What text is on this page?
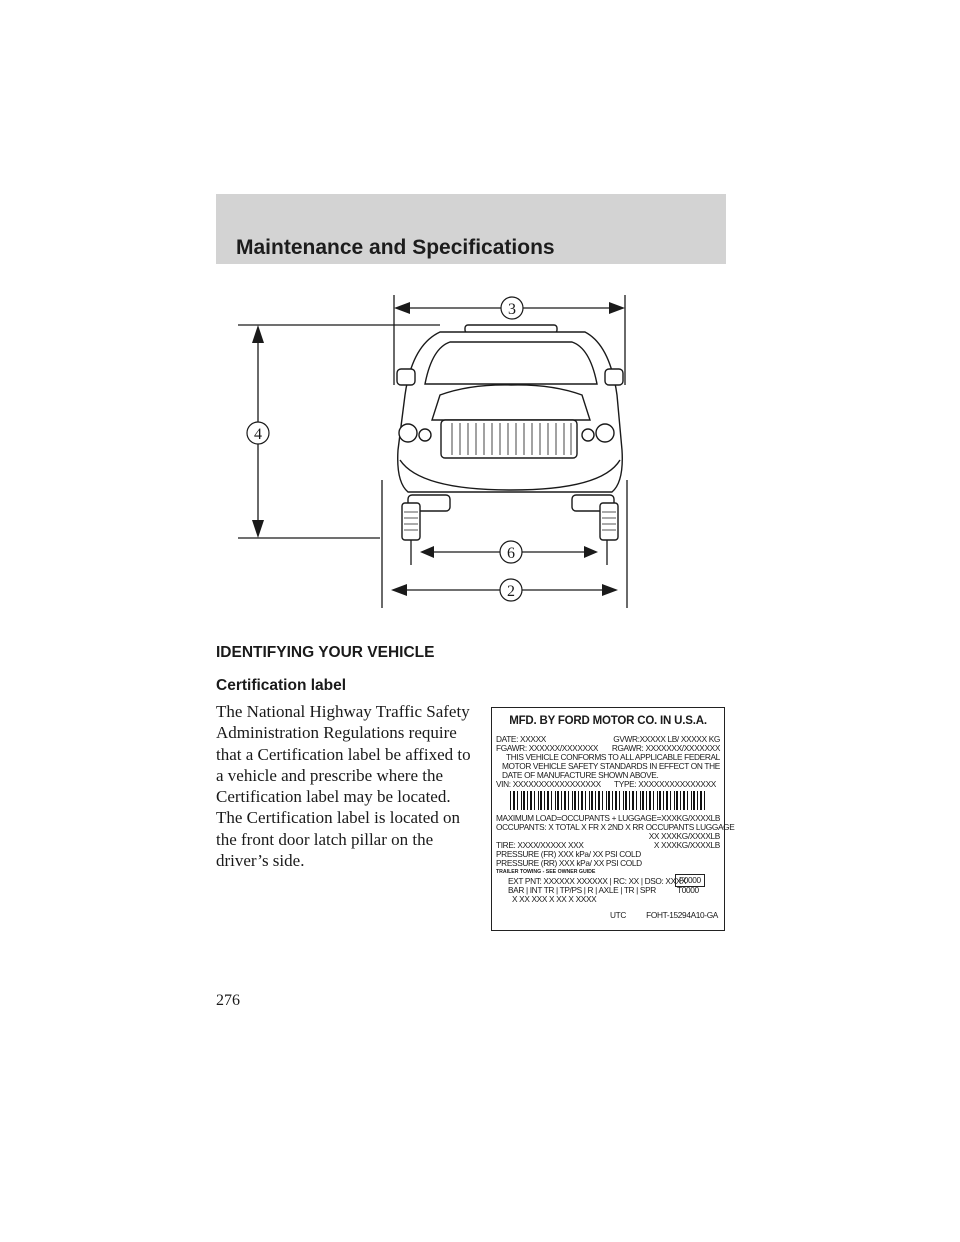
Maintenance and Specifications
3
4
6
2
IDENTIFYING YOUR VEHICLE
Certification label
The National Highway Traffic Safety Administration Regulations require that a Certification label be affixed to a vehicle and prescribe where the Certification label may be located. The Certification label is located on the front door latch pillar on the driver’s side.
MFD. BY FORD MOTOR CO. IN U.S.A.
DATE: XXXXX	GVWR:XXXXX LB/ XXXXX KG
FGAWR: XXXXXX/XXXXXXX RGAWR: XXXXXXX/XXXXXXX
THIS VEHICLE CONFORMS TO ALL APPLICABLE FEDERAL
MOTOR VEHICLE SAFETY STANDARDS IN EFFECT ON THE
DATE OF MANUFACTURE SHOWN ABOVE.
VIN: XXXXXXXXXXXXXXXXX TYPE: XXXXXXXXXXXXXXX
MAXIMUM LOAD=OCCUPANTS + LUGGAGE=XXXKG/XXXXLB
OCCUPANTS: X TOTAL X FR X 2ND X RR OCCUPANTS LUGGAGE
XX XXXKG/XXXXLB
TIRE: XXXX/XXXXX XXX	X XXXKG/XXXXLB
PRESSURE (FR) XXX kPa/ XX PSI COLD
PRESSURE (RR) XXX kPa/ XX PSI COLD
TRAILER TOWING - SEE OWNER GUIDE
EXT PNT: XXXXXX XXXXXX | RC: XX | DSO: XXXX
F0000
BAR | INT TR | TP/PS | R | AXLE | TR | SPR	T0000
X XX XXX X XX X XXXX
UTC FOHT-15294A10-GA
276
